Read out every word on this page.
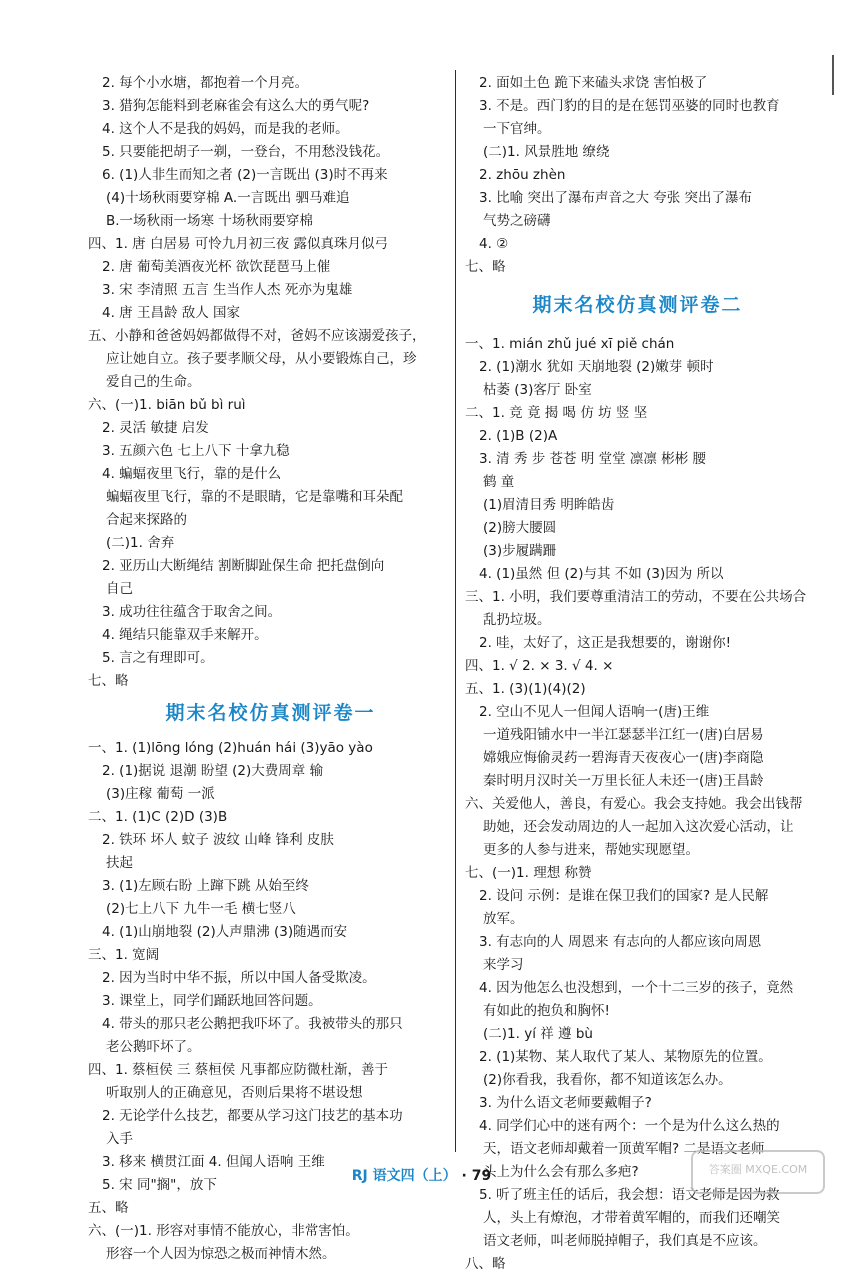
2. 每个小水塘，都抱着一个月亮。
3. 猎狗怎能料到老麻雀会有这么大的勇气呢?
4. 这个人不是我的妈妈，而是我的老师。
5. 只要能把胡子一剃，一登台，不用愁没钱花。
6. (1)人非生而知之者 (2)一言既出 (3)时不再来
(4)十场秋雨要穿棉 A.一言既出 驷马难追
B.一场秋雨一场寒 十场秋雨要穿棉
四、1. 唐 白居易 可怜九月初三夜 露似真珠月似弓
2. 唐 葡萄美酒夜光杯 欲饮琵琶马上催
3. 宋 李清照 五言 生当作人杰 死亦为鬼雄
4. 唐 王昌龄 敌人 国家
五、小静和爸爸妈妈都做得不对，爸妈不应该溺爱孩子，
应让她自立。孩子要孝顺父母，从小要锻炼自己，珍
爱自己的生命。
六、(一)1. biān bǔ bì ruì
2. 灵活 敏捷 启发
3. 五颜六色 七上八下 十拿九稳
4. 蝙蝠夜里飞行，靠的是什么
蝙蝠夜里飞行，靠的不是眼睛，它是靠嘴和耳朵配
合起来探路的
(二)1. 舍弃
2. 亚历山大断绳结 割断脚趾保生命 把托盘倒向
自己
3. 成功往往蕴含于取舍之间。
4. 绳结只能靠双手来解开。
5. 言之有理即可。
七、略
期末名校仿真测评卷一
一、1. (1)lōng lóng (2)huán hái (3)yāo yào
2. (1)据说 退潮 盼望 (2)大费周章 输
(3)庄稼 葡萄 一派
二、1. (1)C (2)D (3)B
2. 铁环 坏人 蚊子 波纹 山峰 锋利 皮肤
扶起
3. (1)左顾右盼 上蹿下跳 从始至终
(2)七上八下 九牛一毛 横七竖八
4. (1)山崩地裂 (2)人声鼎沸 (3)随遇而安
三、1. 宽阔
2. 因为当时中华不振，所以中国人备受欺凌。
3. 课堂上，同学们踊跃地回答问题。
4. 带头的那只老公鹅把我吓坏了。我被带头的那只
老公鹅吓坏了。
四、1. 蔡桓侯 三 蔡桓侯 凡事都应防微杜渐，善于
听取别人的正确意见，否则后果将不堪设想
2. 无论学什么技艺，都要从学习这门技艺的基本功
入手
3. 移来 横贯江面 4. 但闻人语响 王维
5. 宋 同"搁"，放下
五、略
六、(一)1. 形容对事情不能放心，非常害怕。
形容一个人因为惊恐之极而神情木然。
2. 面如土色 跪下来磕头求饶 害怕极了
3. 不是。西门豹的目的是在惩罚巫婆的同时也教育
一下官绅。
(二)1. 风景胜地 缭绕
2. zhōu zhèn
3. 比喻 突出了瀑布声音之大 夸张 突出了瀑布
气势之磅礴
4. ②
七、略
期末名校仿真测评卷二
一、1. mián zhǔ jué xī piě chán
2. (1)潮水 犹如 天崩地裂 (2)嫩芽 顿时
枯萎 (3)客厅 卧室
二、1. 竞 竟 揭 喝 仿 坊 竖 坚
2. (1)B (2)A
3. 清 秀 步 苍苍 明 堂堂 凛凛 彬彬 腰
鹤 童
(1)眉清目秀 明眸皓齿
(2)膀大腰圆
(3)步履蹒跚
4. (1)虽然 但 (2)与其 不如 (3)因为 所以
三、1. 小明，我们要尊重清洁工的劳动，不要在公共场合
乱扔垃圾。
2. 哇，太好了，这正是我想要的，谢谢你!
四、1. √ 2. × 3. √ 4. ×
五、1. (3)(1)(4)(2)
2. 空山不见人一但闻人语响一(唐)王维
一道残阳铺水中一半江瑟瑟半江红一(唐)白居易
嫦娥应悔偷灵药一碧海青天夜夜心一(唐)李商隐
秦时明月汉时关一万里长征人未还一(唐)王昌龄
六、关爱他人，善良，有爱心。我会支持她。我会出钱帮
助她，还会发动周边的人一起加入这次爱心活动，让
更多的人参与进来，帮她实现愿望。
七、(一)1. 理想 称赞
2. 设问 示例：是谁在保卫我们的国家? 是人民解
放军。
3. 有志向的人 周恩来 有志向的人都应该向周恩
来学习
4. 因为他怎么也没想到，一个十二三岁的孩子，竟然
有如此的抱负和胸怀!
(二)1. yí 祥 遵 bù
2. (1)某物、某人取代了某人、某物原先的位置。
(2)你看我，我看你，都不知道该怎么办。
3. 为什么语文老师要戴帽子?
4. 同学们心中的迷有两个：一个是为什么这么热的
天，语文老师却戴着一顶黄军帽? 二是语文老师
头上为什么会有那么多疤?
5. 听了班主任的话后，我会想：语文老师是因为救
人，头上有燎泡，才带着黄军帽的，而我们还嘲笑
语文老师，叫老师脱掉帽子，我们真是不应该。
八、略
RJ 语文四（上） · 79	答案圈 MXQE.COM
